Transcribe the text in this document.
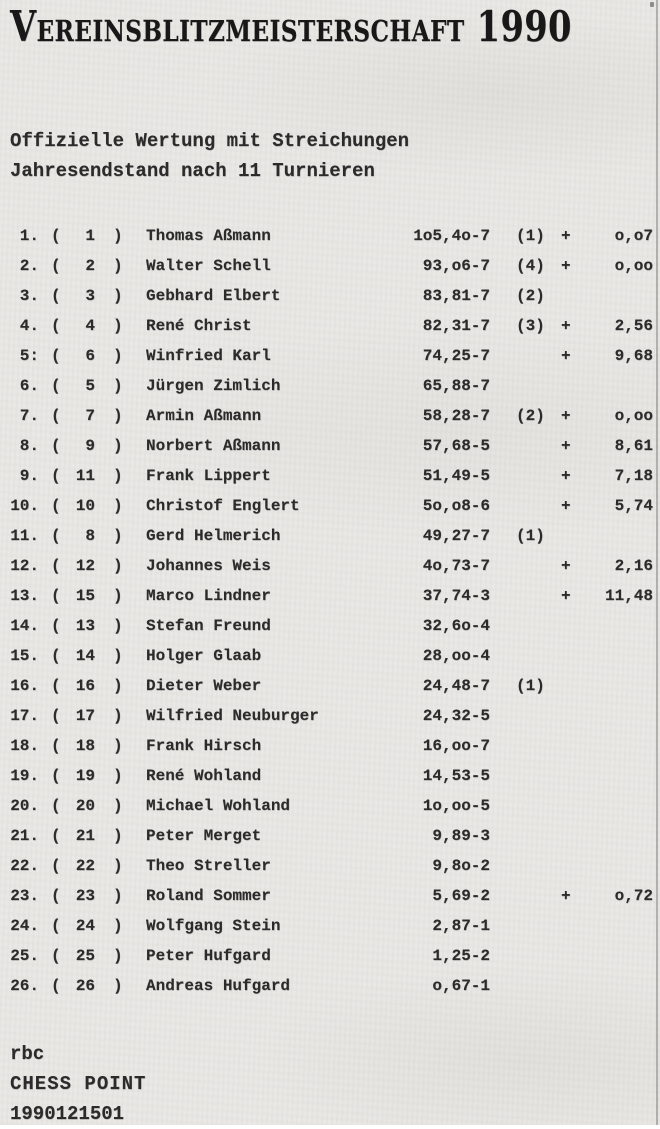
Vereinsblitzmeisterschaft 1990
Offizielle Wertung mit Streichungen
Jahresendstand nach 11 Turnieren
1. (	1 ) Thomas Aßmann	1o5,4o-7 (1)	+	o,o7
2. (	2 ) Walter Schell	93,o6-7 (4)	+	o,oo
3. (	3 ) Gebhard Elbert	83,81-7 (2)
4. (	4 ) René Christ	82,31-7 (3)	+	2,56
5: (	6 ) Winfried Karl	74,25-7	+	9,68
6. (	5 ) Jürgen Zimlich	65,88-7
7. (	7 ) Armin Aßmann	58,28-7 (2)	+	o,oo
8. (	9 ) Norbert Aßmann	57,68-5	+	8,61
9. ( 11 ) Frank Lippert	51,49-5	+	7,18
10. ( 10 ) Christof Englert	5o,o8-6	+	5,74
11. (	8 ) Gerd Helmerich	49,27-7 (1)
12. ( 12 ) Johannes Weis	4o,73-7	+	2,16
13. ( 15 ) Marco Lindner	37,74-3	+	11,48
14. ( 13 ) Stefan Freund	32,6o-4
15. ( 14 ) Holger Glaab	28,oo-4
16. ( 16 ) Dieter Weber	24,48-7 (1)
17. ( 17 ) Wilfried Neuburger	24,32-5
18. ( 18 ) Frank Hirsch	16,oo-7
19. ( 19 ) René Wohland	14,53-5
20. ( 20 ) Michael Wohland	1o,oo-5
21. ( 21 ) Peter Merget	9,89-3
22. ( 22 ) Theo Streller	9,8o-2
23. ( 23 ) Roland Sommer	5,69-2	+	o,72
24. ( 24 ) Wolfgang Stein	2,87-1
25. ( 25 ) Peter Hufgard	1,25-2
26. ( 26 ) Andreas Hufgard	o,67-1
rbc
CHESS POINT
1990121501
